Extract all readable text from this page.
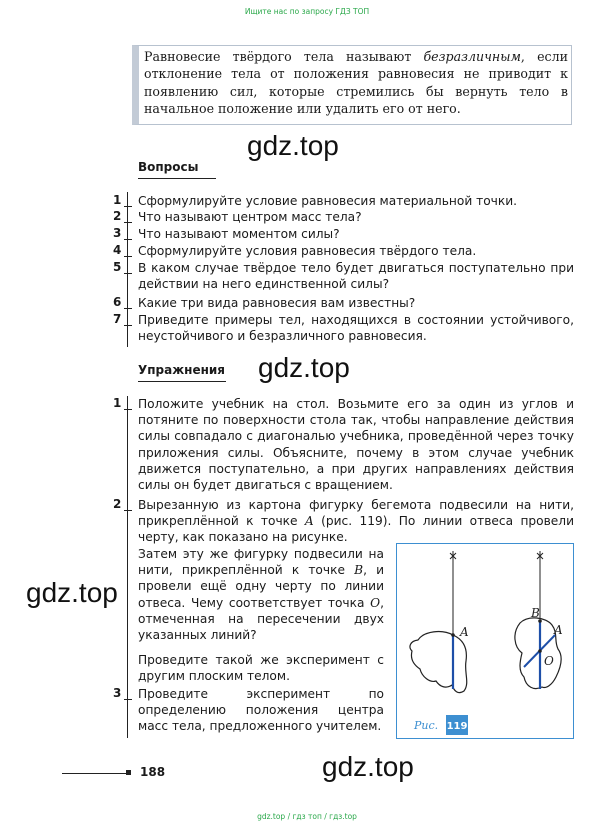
Ищите нас по запросу ГДЗ ТОП
Равновесие твёрдого тела называют безразличным, если отклонение тела от положения равновесия не приводит к появлению сил, которые стремились бы вернуть тело в начальное положение или удалить его от него.
gdz.top
Вопросы
1 Сформулируйте условие равновесия материальной точки.
2 Что называют центром масс тела?
3 Что называют моментом силы?
4 Сформулируйте условия равновесия твёрдого тела.
5 В каком случае твёрдое тело будет двигаться поступательно при действии на него единственной силы?
6 Какие три вида равновесия вам известны?
7 Приведите примеры тел, находящихся в состоянии устойчивого, неустойчивого и безразличного равновесия.
gdz.top
Упражнения
1 Положите учебник на стол. Возьмите его за один из углов и потяните по поверхности стола так, чтобы направление действия силы совпадало с диагональю учебника, проведённой через точку приложения силы. Объясните, почему в этом случае учебник движется поступательно, а при других направлениях действия силы он будет двигаться с вращением.
2 Вырезанную из картона фигурку бегемота подвесили на нити, прикреплённой к точке A (рис. 119). По линии отвеса провели черту, как показано на рисунке.
Затем эту же фигурку подвесили на нити, прикреплённой к точке B, и провели ещё одну черту по линии отвеса. Чему соответствует точка O, отмеченная на пересечении двух указанных линий?
Проведите такой же эксперимент с другим плоским телом.
3 Проведите эксперимент по определению положения центра масс тела, предложенного учителем.
gdz.top
A
B
A
O
Рис. 119
188	gdz.top
gdz.top / гдз топ / гдз.top
